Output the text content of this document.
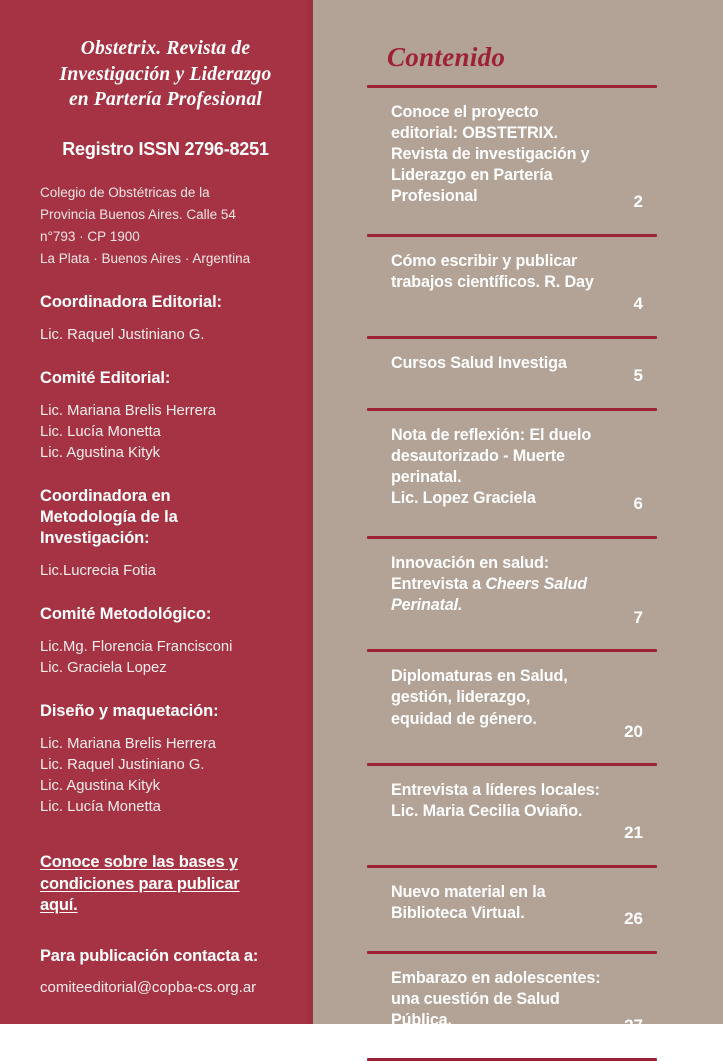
Obstetrix. Revista de
Investigación y Liderazgo
en Partería Profesional
Registro ISSN 2796-8251
Colegio de Obstétricas de la
Provincia Buenos Aires. Calle 54
n°793 · CP 1900
La Plata · Buenos Aires · Argentina
Coordinadora Editorial:
Lic. Raquel Justiniano G.
Comité Editorial:
Lic. Mariana Brelis Herrera
Lic. Lucía Monetta
Lic. Agustina Kityk
Coordinadora en
Metodología de la
Investigación:
Lic.Lucrecia Fotia
Comité Metodológico:
Lic.Mg. Florencia Francisconi
Lic. Graciela Lopez
Diseño y maquetación:
Lic. Mariana Brelis Herrera
Lic. Raquel Justiniano G.
Lic. Agustina Kityk
Lic. Lucía Monetta
Conoce sobre las bases y
condiciones para publicar
aquí.
Para publicación contacta a:
comiteeditorial@copba-cs.org.ar
Contenido
Conoce el proyecto
editorial: OBSTETRIX.
Revista de investigación y
Liderazgo en Partería
Profesional	2
Cómo escribir y publicar
trabajos científicos. R. Day
4
Cursos Salud Investiga
5
Nota de reflexión: El duelo
desautorizado - Muerte
perinatal.
Lic. Lopez Graciela	6
Innovación en salud:
Entrevista a Cheers Salud
Perinatal.
7
Diplomaturas en Salud,
gestión, liderazgo,
equidad de género.
20
Entrevista a líderes locales:
Lic. Maria Cecilia Oviaño.
21
Nuevo material en la
Biblioteca Virtual.	26
Embarazo en adolescentes:
una cuestión de Salud
Pública.	27
